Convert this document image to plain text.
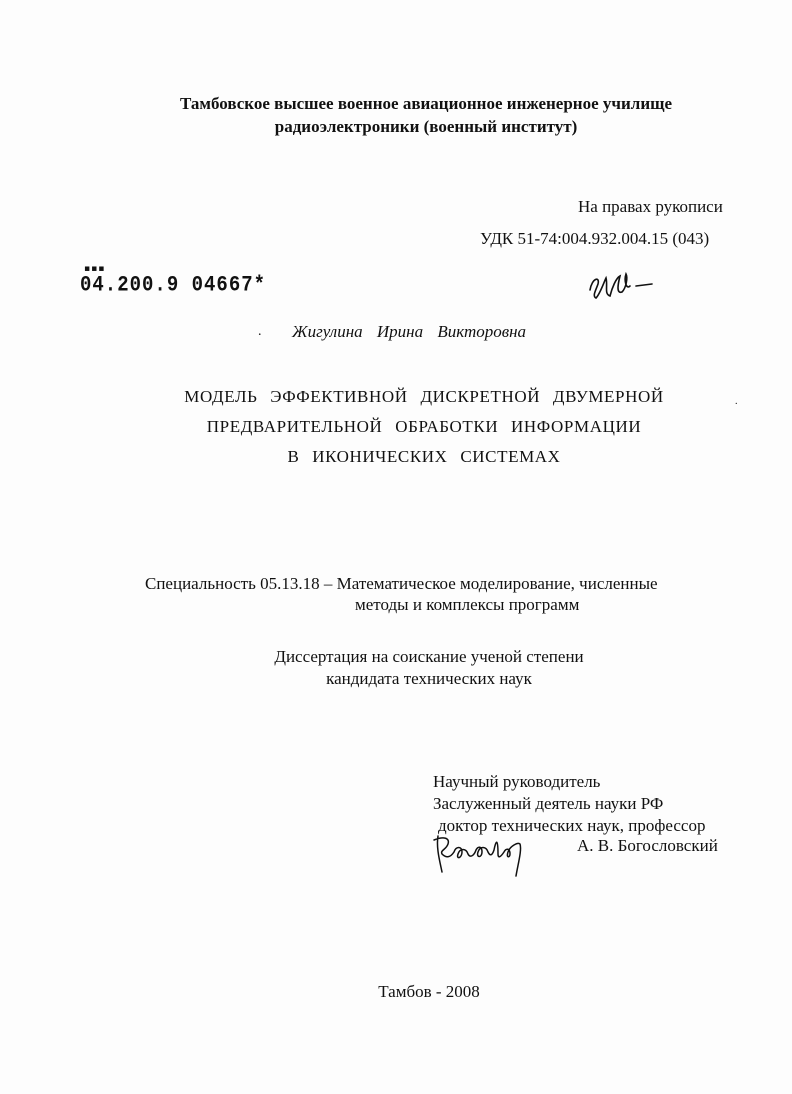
Тамбовское высшее военное авиационное инженерное училище
радиоэлектроники (военный институт)
На правах рукописи
УДК 51-74:004.932.004.15 (043)
▪▪▪
04.200.9 04667*
. Жигулина Ирина Викторовна
МОДЕЛЬ ЭФФЕКТИВНОЙ ДИСКРЕТНОЙ ДВУМЕРНОЙ
ПРЕДВАРИТЕЛЬНОЙ ОБРАБОТКИ ИНФОРМАЦИИ
В ИКОНИЧЕСКИХ СИСТЕМАХ
.
Специальность 05.13.18 – Математическое моделирование, численные
методы и комплексы программ
Диссертация на соискание ученой степени
кандидата технических наук
Научный руководитель
Заслуженный деятель науки РФ
доктор технических наук, профессор
А. В. Богословский
Тамбов - 2008
